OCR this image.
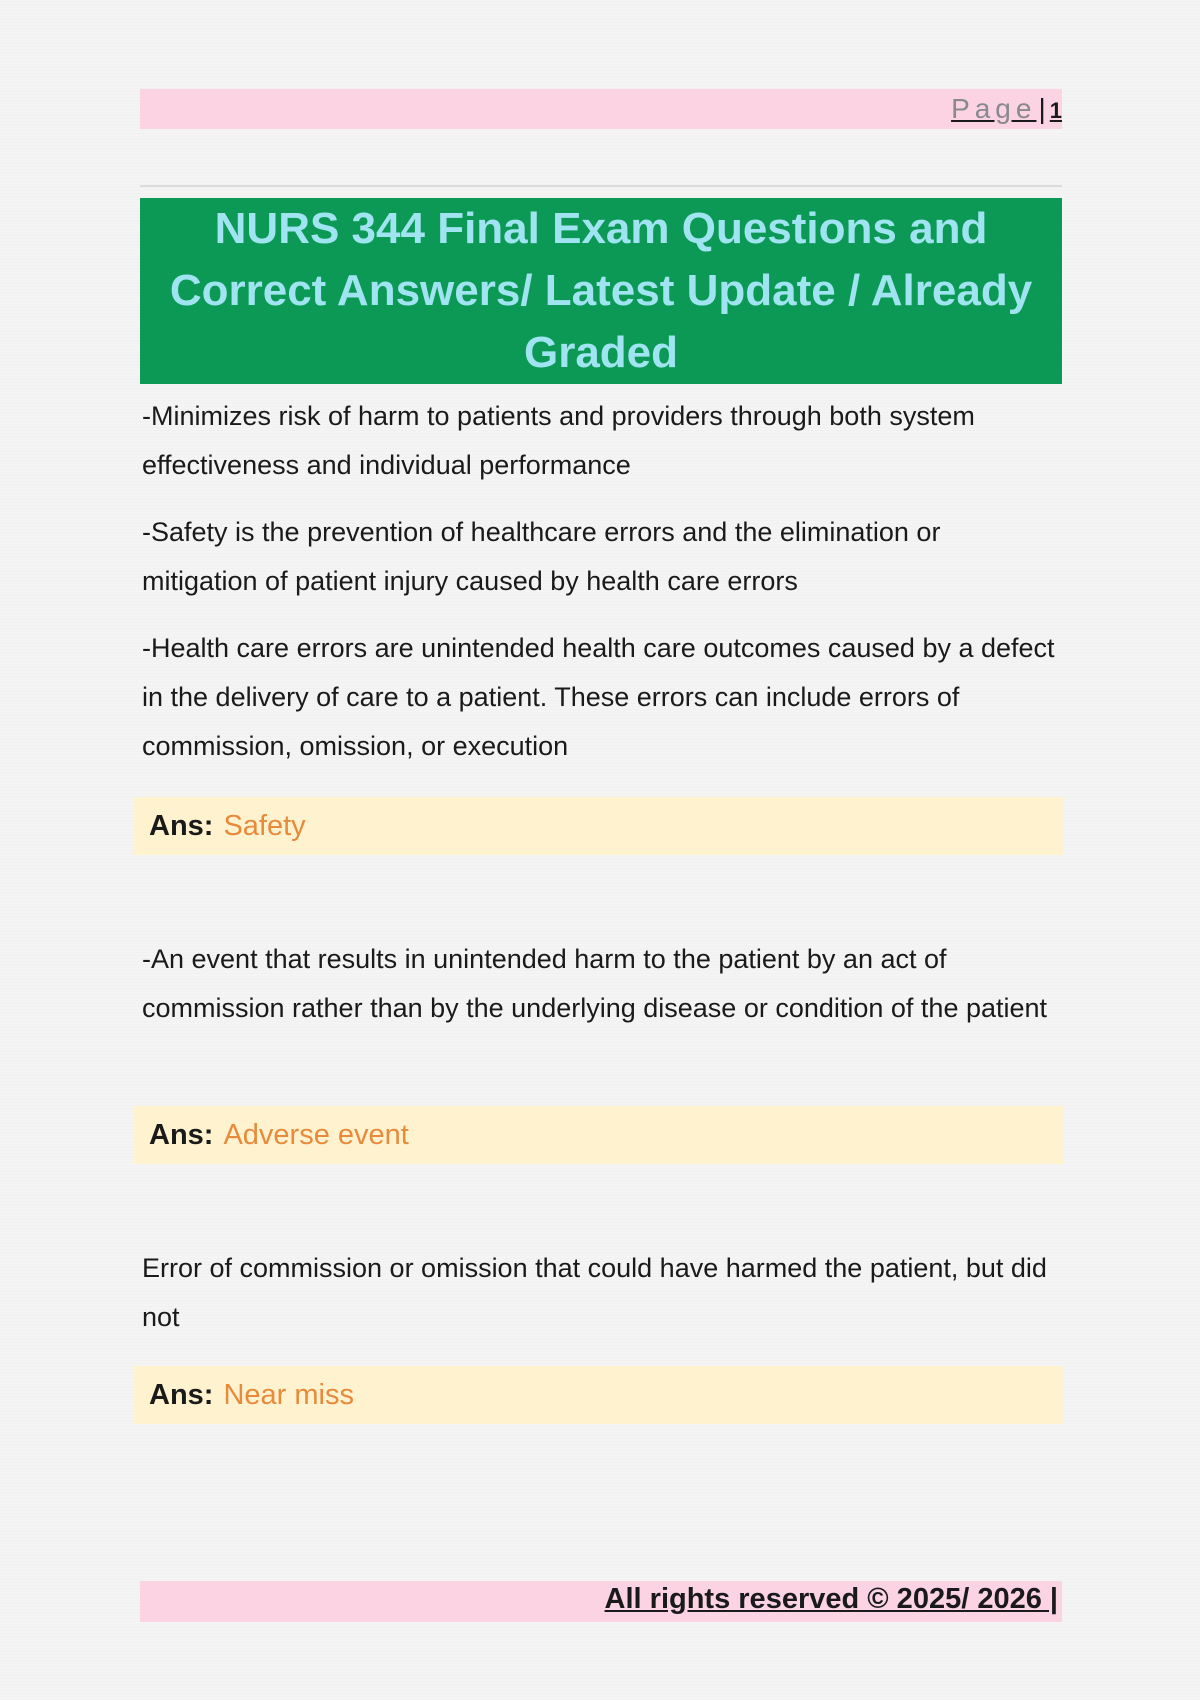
Page| 1
NURS 344 Final Exam Questions and Correct Answers/ Latest Update / Already Graded
-Minimizes risk of harm to patients and providers through both system effectiveness and individual performance
-Safety is the prevention of healthcare errors and the elimination or mitigation of patient injury caused by health care errors
-Health care errors are unintended health care outcomes caused by a defect in the delivery of care to a patient. These errors can include errors of commission, omission, or execution
Ans: Safety
-An event that results in unintended harm to the patient by an act of commission rather than by the underlying disease or condition of the patient
Ans: Adverse event
Error of commission or omission that could have harmed the patient, but did not
Ans: Near miss
All rights reserved © 2025/ 2026 |
